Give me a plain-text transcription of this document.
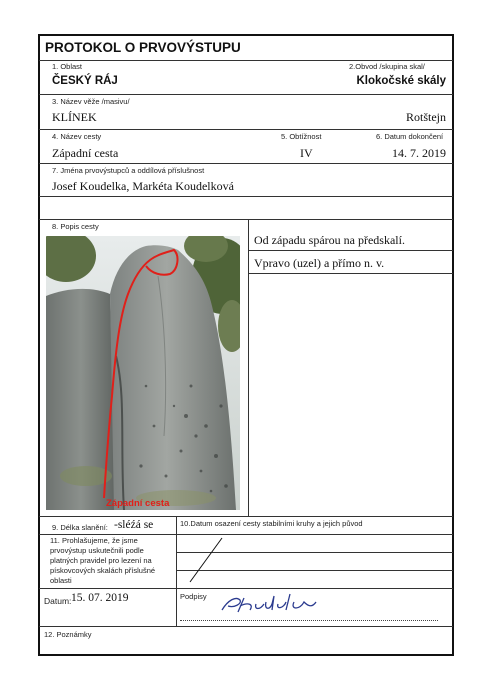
PROTOKOL O PRVOVÝSTUPU
1. Oblast	2.Obvod /skupina skal/
ČESKÝ RÁJ	Klokočské skály
3. Název věže /masivu/
KLÍNEK	Rotštejn
4. Název cesty	5. Obtížnost	6. Datum dokončení
Západní cesta	IV	14. 7. 2019
7. Jména prvovýstupců a oddílová příslušnost
Josef Koudelka, Markéta Koudelková
8. Popis cesty
Západní cesta
Od západu spárou na předskalí.
Vpravo (uzel) a přímo n. v.
9. Délka slanění: -sléźá se	10.Datum osazení cesty stabilními kruhy a jejich původ
11. Prohlašujeme, že jsme prvovýstup uskutečnili podle platných pravidel pro lezení na pískovcových skalách příslušné oblasti
Datum: 15. 07. 2019	Podpisy
12. Poznámky
